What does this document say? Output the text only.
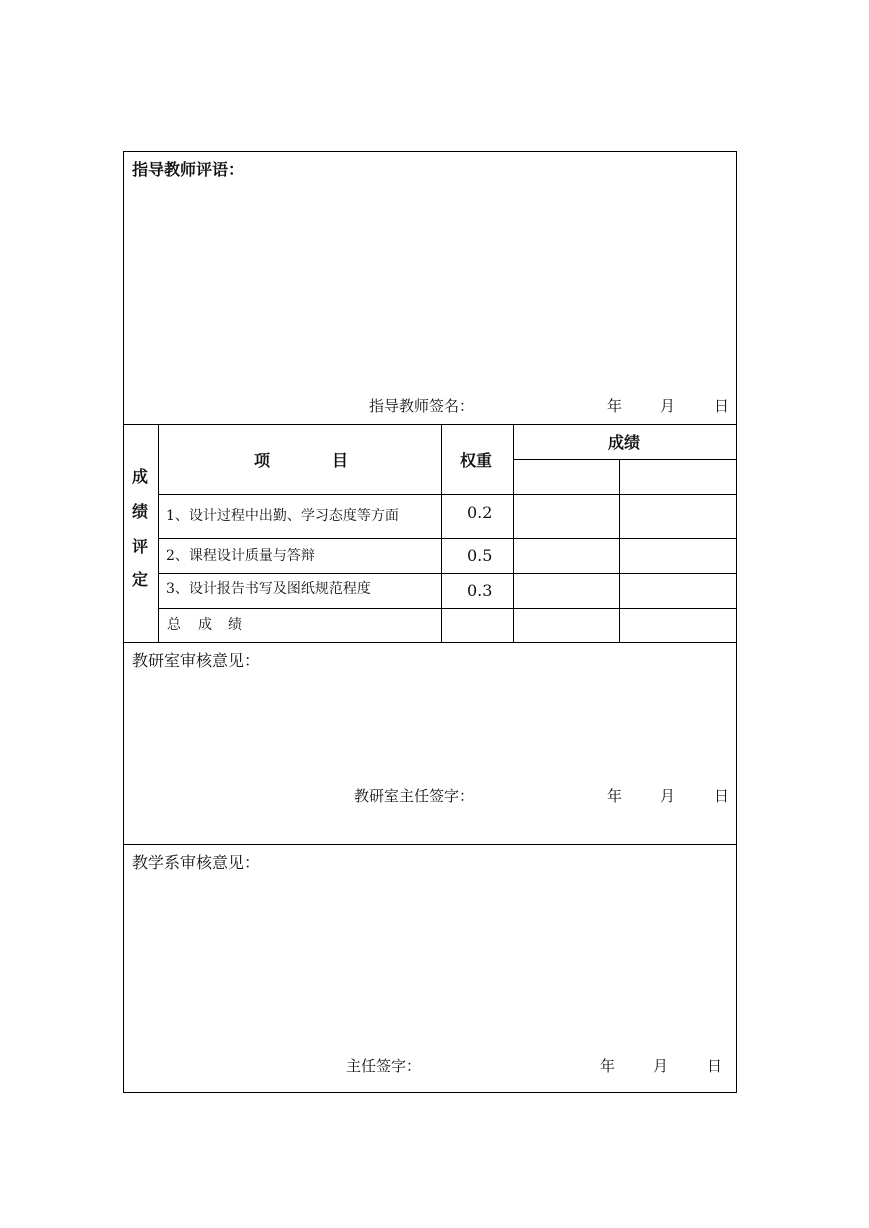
指导教师评语：
指导教师签名：	年	月	日
成
绩
评
定
项	目	权重
成绩
1、设计过程中出勤、学习态度等方面	0.2
2、课程设计质量与答辩	0.5
3、设计报告书写及图纸规范程度	0.3
总 成 绩
教研室审核意见：
教研室主任签字：	年	月	日
教学系审核意见：
主任签字：	年	月	日
